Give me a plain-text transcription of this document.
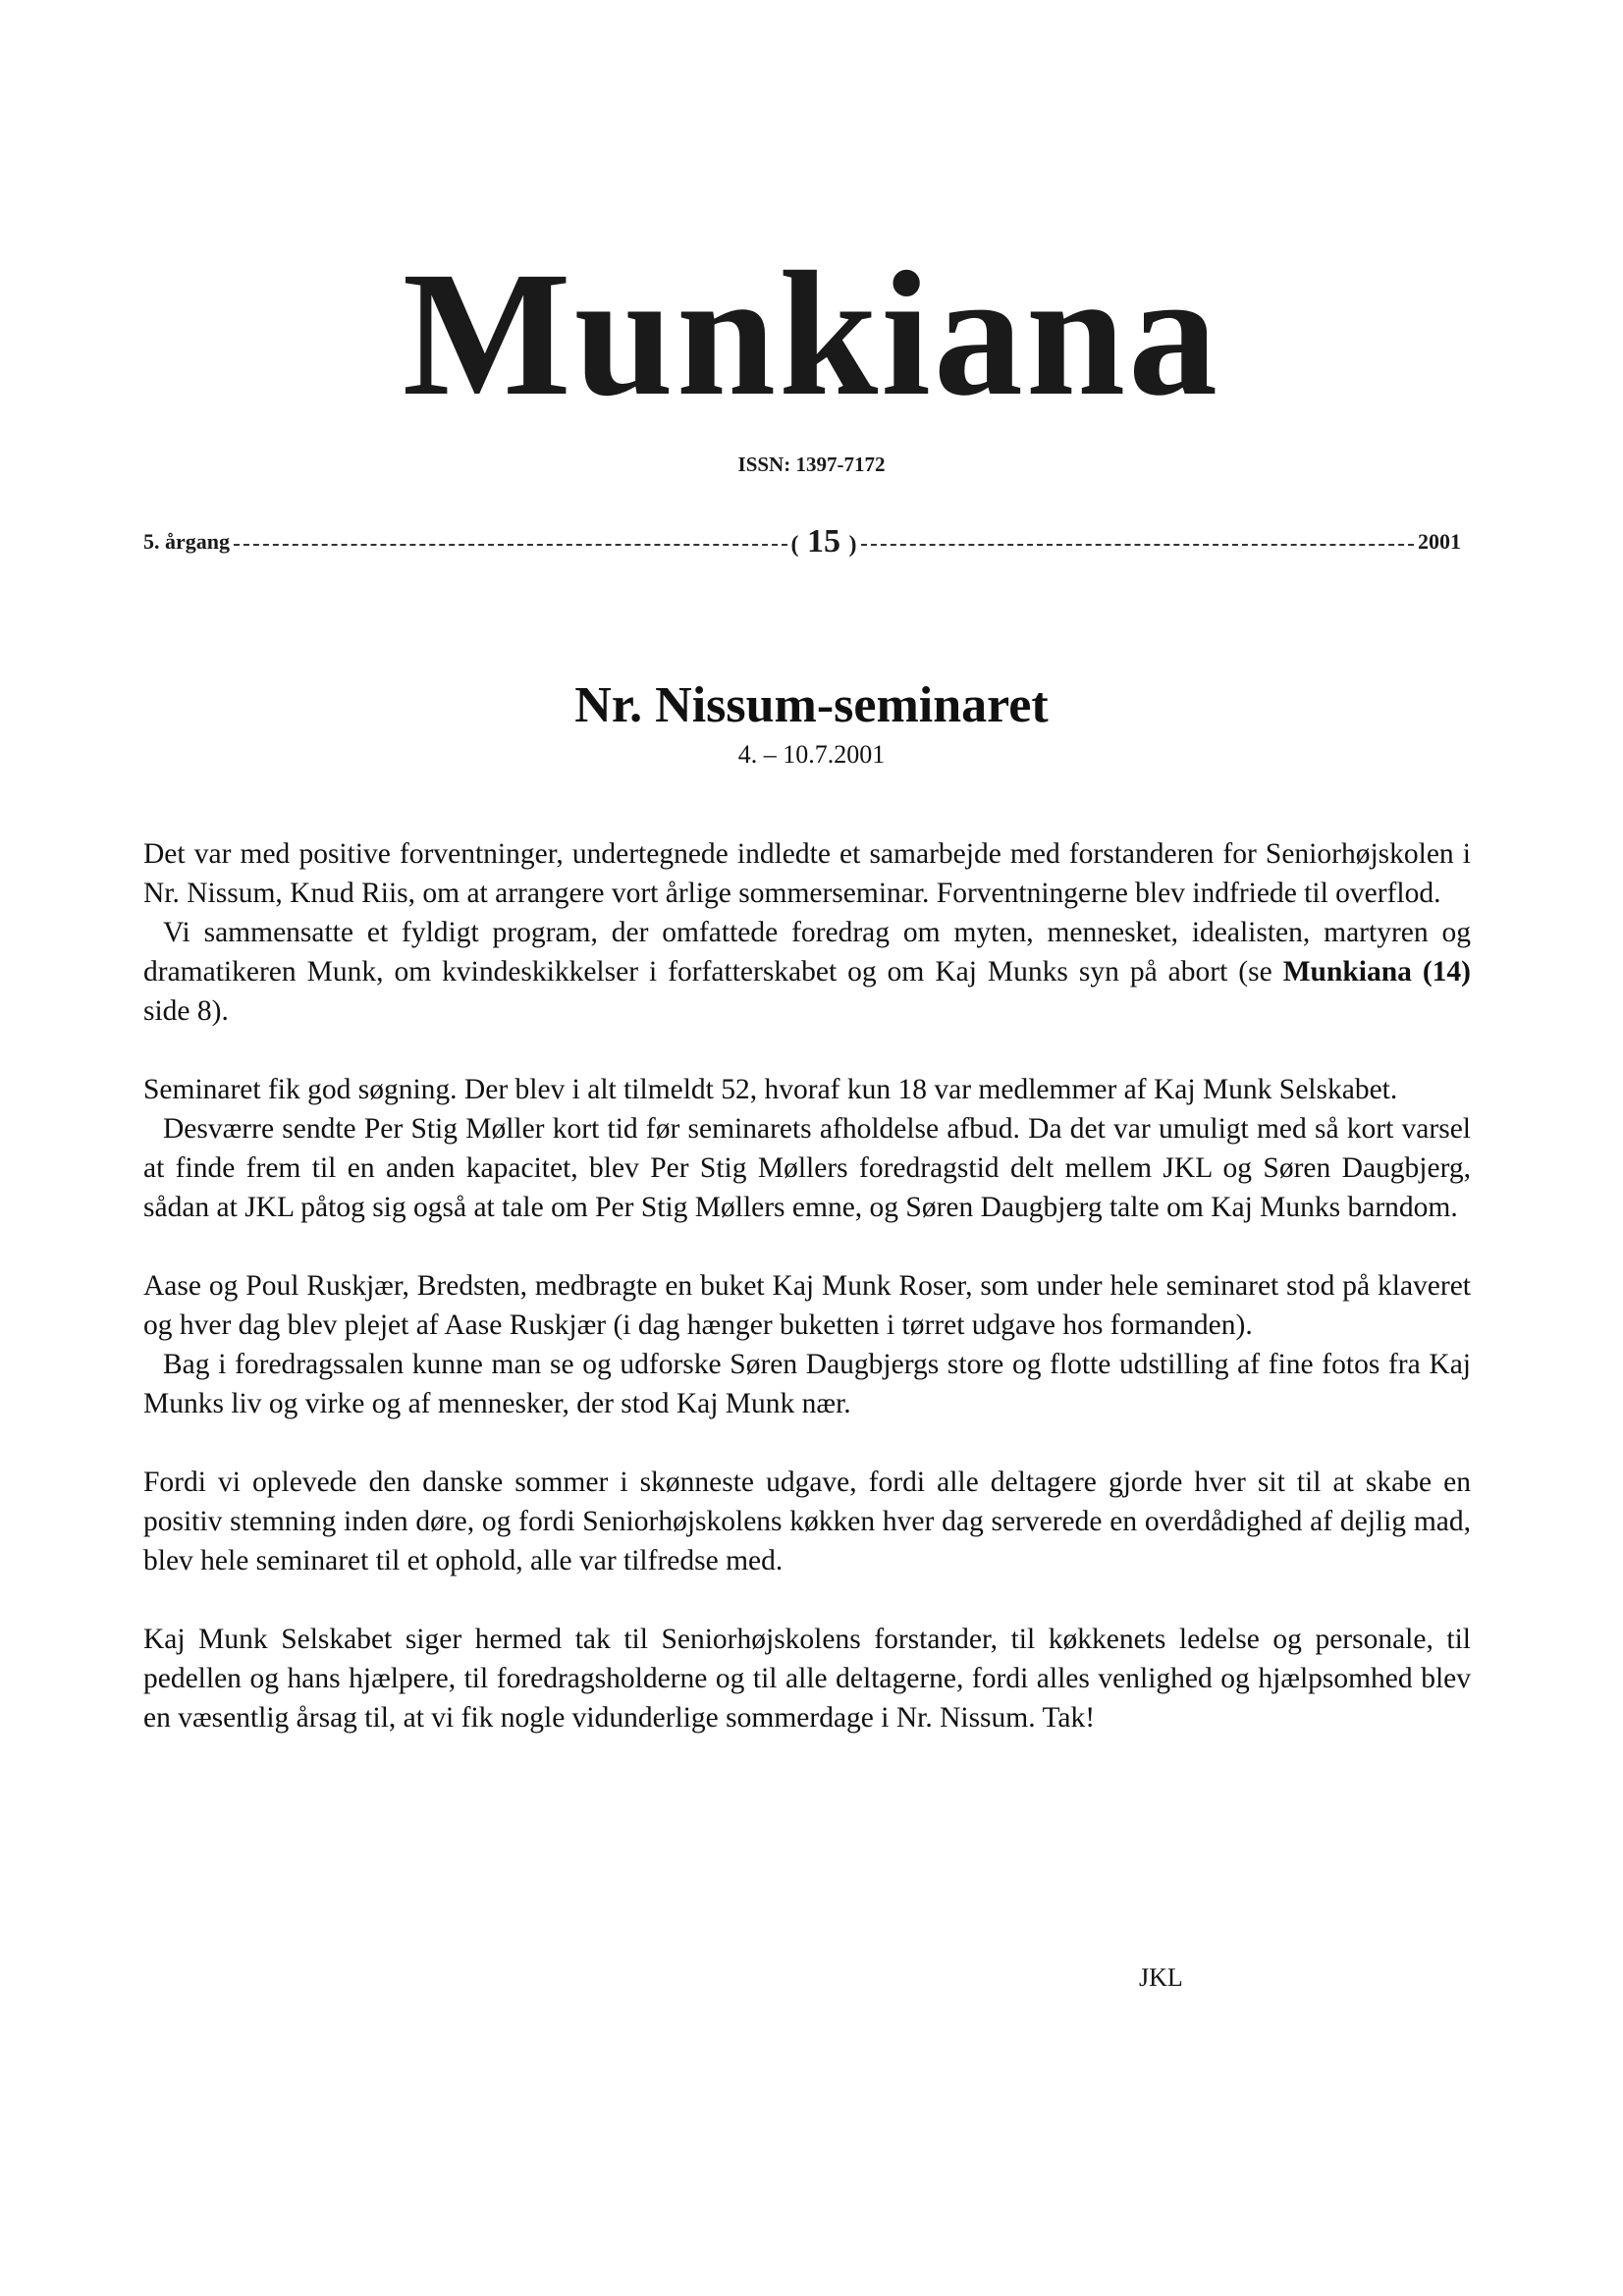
Munkiana
ISSN: 1397-7172
5. årgang	( 15 )	2001
Nr. Nissum-seminaret
4. – 10.7.2001

Det var med positive forventninger, undertegnede indledte et samarbejde med forstanderen for Seniorhøjskolen i Nr. Nissum, Knud Riis, om at arrangere vort årlige sommerseminar. Forventningerne blev indfriede til overflod.

Vi sammensatte et fyldigt program, der omfattede foredrag om myten, mennesket, idealisten, martyren og dramatikeren Munk, om kvindeskikkelser i forfatterskabet og om Kaj Munks syn på abort (se Munkiana (14) side 8).

Seminaret fik god søgning. Der blev i alt tilmeldt 52, hvoraf kun 18 var medlemmer af Kaj Munk Selskabet.

Desværre sendte Per Stig Møller kort tid før seminarets afholdelse afbud. Da det var umuligt med så kort varsel at finde frem til en anden kapacitet, blev Per Stig Møllers foredragstid delt mellem JKL og Søren Daugbjerg, sådan at JKL påtog sig også at tale om Per Stig Møllers emne, og Søren Daugbjerg talte om Kaj Munks barndom.

Aase og Poul Ruskjær, Bredsten, medbragte en buket Kaj Munk Roser, som under hele seminaret stod på klaveret og hver dag blev plejet af Aase Ruskjær (i dag hænger buketten i tørret udgave hos formanden).

Bag i foredragssalen kunne man se og udforske Søren Daugbjergs store og flotte udstilling af fine fotos fra Kaj Munks liv og virke og af mennesker, der stod Kaj Munk nær.

Fordi vi oplevede den danske sommer i skønneste udgave, fordi alle deltagere gjorde hver sit til at skabe en positiv stemning inden døre, og fordi Seniorhøjskolens køkken hver dag serverede en overdådighed af dejlig mad, blev hele seminaret til et ophold, alle var tilfredse med.

Kaj Munk Selskabet siger hermed tak til Seniorhøjskolens forstander, til køkkenets ledelse og personale, til pedellen og hans hjælpere, til foredragsholderne og til alle deltagerne, fordi alles venlighed og hjælpsomhed blev en væsentlig årsag til, at vi fik nogle vidunderlige sommerdage i Nr. Nissum. Tak!

JKL
